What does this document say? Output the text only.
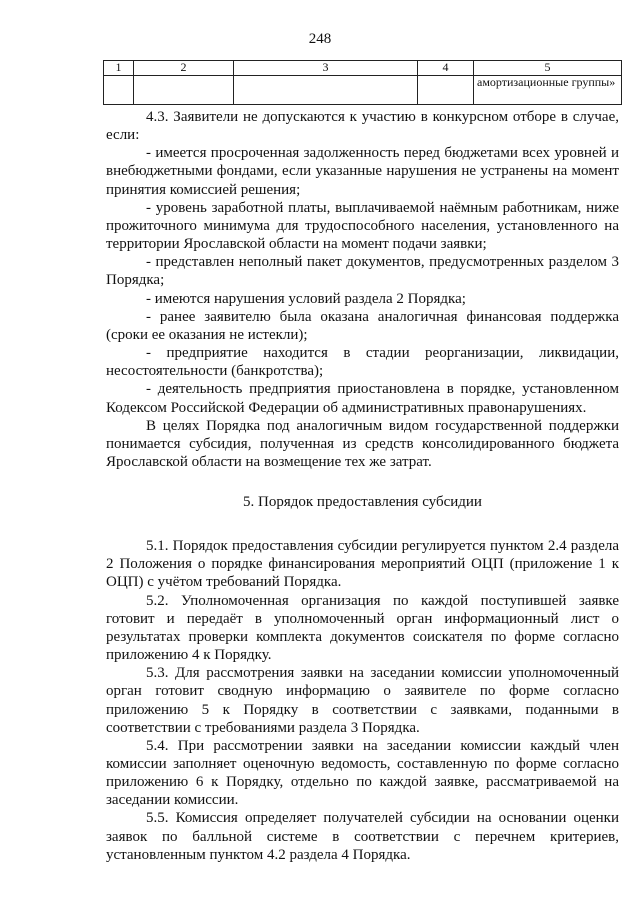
248
1	2	3	4	5
				амортизационные группы»

4.3. Заявители не допускаются к участию в конкурсном отборе в случае, если:

- имеется просроченная задолженность перед бюджетами всех уровней и внебюджетными фондами, если указанные нарушения не устранены на момент принятия комиссией решения;

- уровень заработной платы, выплачиваемой наёмным работникам, ниже прожиточного минимума для трудоспособного населения, установленного на территории Ярославской области на момент подачи заявки;

- представлен неполный пакет документов, предусмотренных разделом 3 Порядка;

- имеются нарушения условий раздела 2 Порядка;

- ранее заявителю была оказана аналогичная финансовая поддержка (сроки ее оказания не истекли);

- предприятие находится в стадии реорганизации, ликвидации, несостоятельности (банкротства);

- деятельность предприятия приостановлена в порядке, установленном Кодексом Российской Федерации об административных правонарушениях.

В целях Порядка под аналогичным видом государственной поддержки понимается субсидия, полученная из средств консолидированного бюджета Ярославской области на возмещение тех же затрат.

5. Порядок предоставления субсидии

5.1. Порядок предоставления субсидии регулируется пунктом 2.4 раздела 2 Положения о порядке финансирования мероприятий ОЦП (приложение 1 к ОЦП) с учётом требований Порядка.

5.2. Уполномоченная организация по каждой поступившей заявке готовит и передаёт в уполномоченный орган информационный лист о результатах проверки комплекта документов соискателя по форме согласно приложению 4 к Порядку.

5.3. Для рассмотрения заявки на заседании комиссии уполномоченный орган готовит сводную информацию о заявителе по форме согласно приложению 5 к Порядку в соответствии с заявками, поданными в соответствии с требованиями раздела 3 Порядка.

5.4. При рассмотрении заявки на заседании комиссии каждый член комиссии заполняет оценочную ведомость, составленную по форме согласно приложению 6 к Порядку, отдельно по каждой заявке, рассматриваемой на заседании комиссии.

5.5. Комиссия определяет получателей субсидии на основании оценки заявок по балльной системе в соответствии с перечнем критериев, установленным пунктом 4.2 раздела 4 Порядка.
